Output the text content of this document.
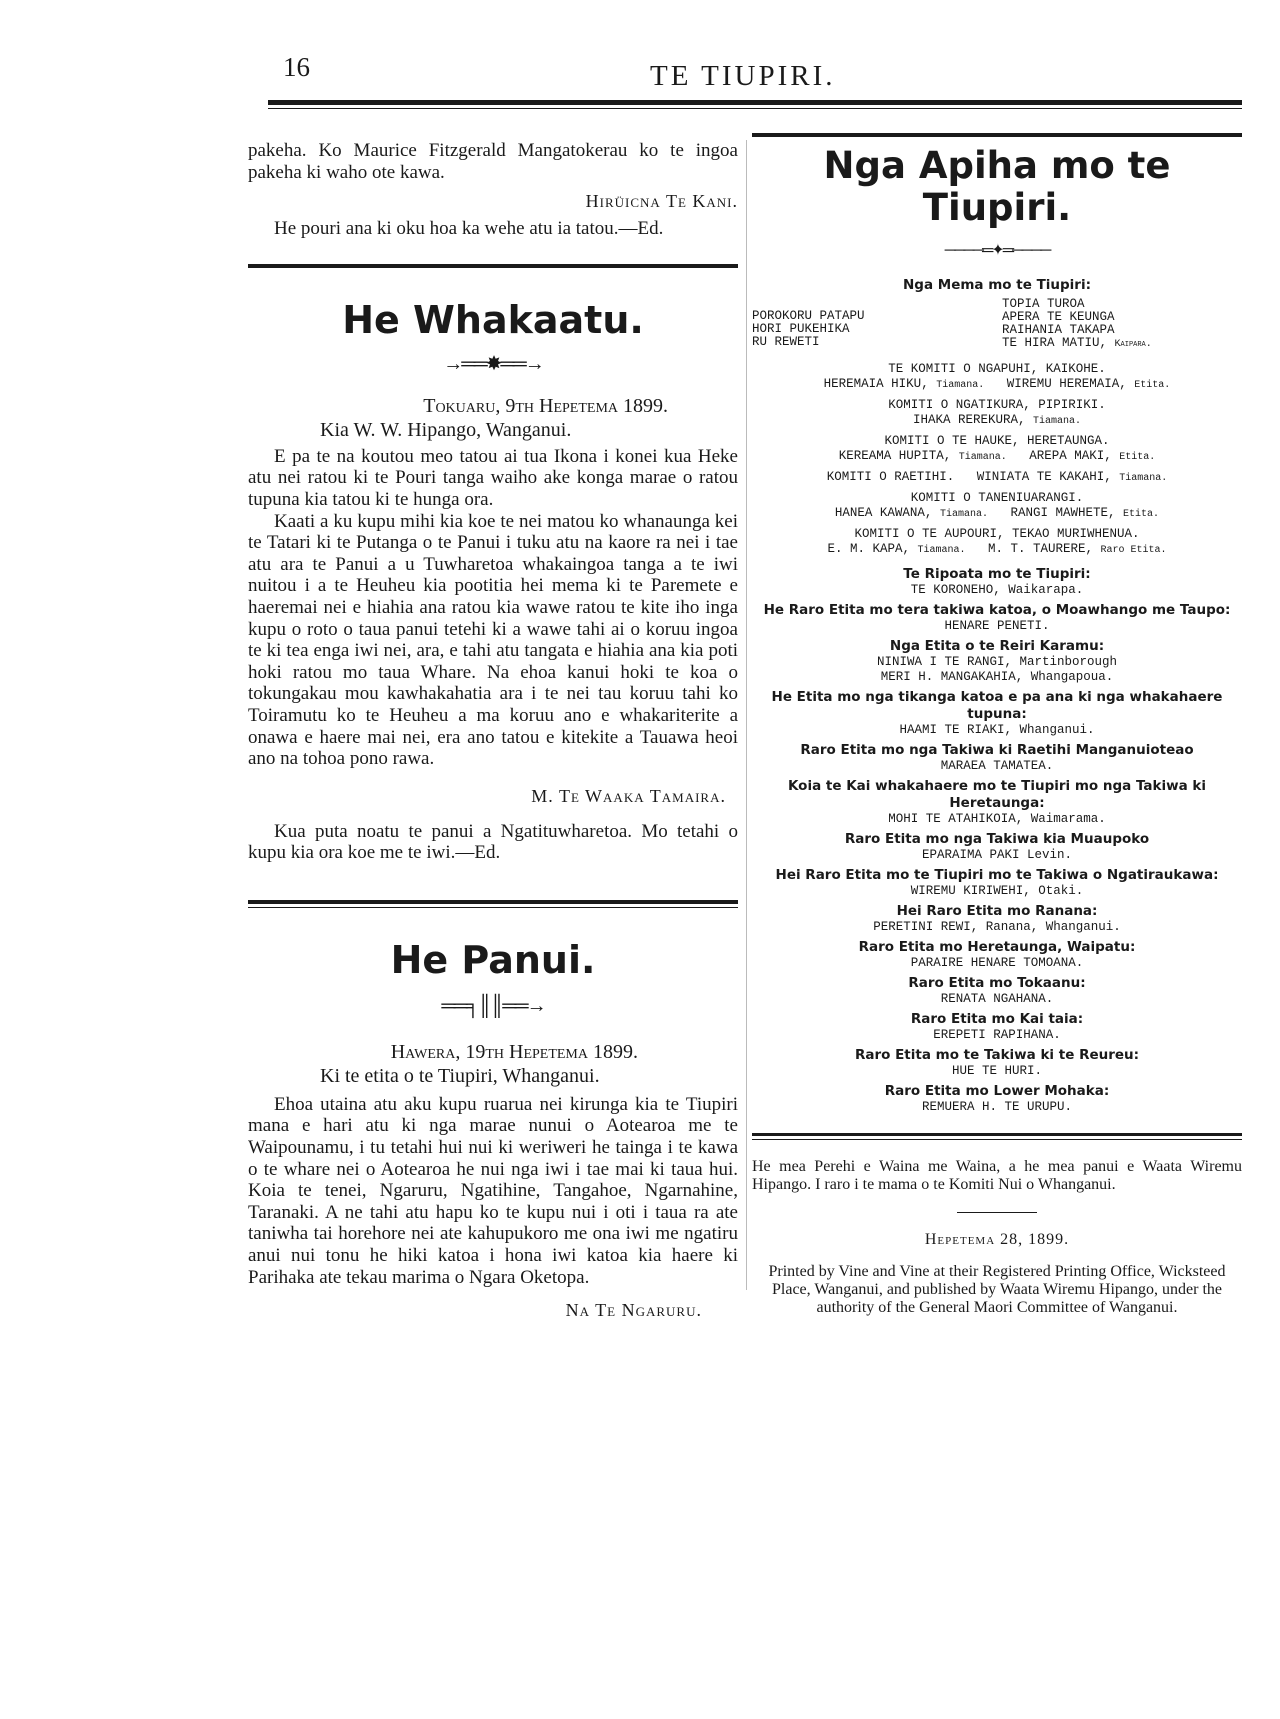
16	TE TIUPIRI.

pakeha. Ko Maurice Fitzgerald Mangatokerau ko te ingoa pakeha ki waho ote kawa.

Hirüicna Te Kani.

He pouri ana ki oku hoa ka wehe atu ia tatou.—Ed.

He Whakaatu.
→══✸══→

Tokuaru, 9th Hepetema 1899.

Kia W. W. Hipango, Wanganui.

E pa te na koutou meo tatou ai tua Ikona i konei kua Heke atu nei ratou ki te Pouri tanga waiho ake konga marae o ratou tupuna kia tatou ki te hunga ora.

Kaati a ku kupu mihi kia koe te nei matou ko whanaunga kei te Tatari ki te Putanga o te Panui i tuku atu na kaore ra nei i tae atu ara te Panui a u Tuwharetoa whakaingoa tanga a te iwi nuitou i a te Heuheu kia pootitia hei mema ki te Paremete e haeremai nei e hiahia ana ratou kia wawe ratou te kite iho inga kupu o roto o taua panui tetehi ki a wawe tahi ai o koruu ingoa te ki tea enga iwi nei, ara, e tahi atu tangata e hiahia ana kia poti hoki ratou mo taua Whare. Na ehoa kanui hoki te koa o tokungakau mou kawhakahatia ara i te nei tau koruu tahi ko Toiramutu ko te Heuheu a ma koruu ano e whakariterite a onawa e haere mai nei, era ano tatou e kitekite a Tauawa heoi ano na tohoa pono rawa.

M. Te Waaka Tamaira.

Kua puta noatu te panui a Ngatituwharetoa. Mo tetahi o kupu kia ora koe me te iwi.—Ed.

He Panui.
══╕║║══→

Hawera, 19th Hepetema 1899.

Ki te etita o te Tiupiri, Whanganui.

Ehoa utaina atu aku kupu ruarua nei kirunga kia te Tiupiri mana e hari atu ki nga marae nunui o Aotearoa me te Waipounamu, i tu tetahi hui nui ki weriweri he tainga i te kawa o te whare nei o Aotearoa he nui nga iwi i tae mai ki taua hui. Koia te tenei, Ngaruru, Ngatihine, Tangahoe, Ngarnahine, Taranaki. A ne tahi atu hapu ko te kupu nui i oti i taua ra ate taniwha tai horehore nei ate kahupukoro me ona iwi me ngatiru anui nui tonu he hiki katoa i hona iwi katoa kia haere ki Parihaka ate tekau marima o Ngara Oketopa.

Na Te Ngaruru.

Nga Apiha mo te Tiupiri.
────═✦═────
Nga Mema mo te Tiupiri:
POROKORU PATAPU
HORI PUKEHIKA
RU REWETI
TOPIA TUROA
APERA TE KEUNGA
RAIHANIA TAKAPA
TE HIRA MATIU, Kaipara.
TE KOMITI O NGAPUHI, KAIKOHE.
HEREMAIA HIKU, Tiamana. WIREMU HEREMAIA, Etita.
KOMITI O NGATIKURA, PIPIRIKI.
IHAKA REREKURA, Tiamana.
KOMITI O TE HAUKE, HERETAUNGA.
KEREAMA HUPITA, Tiamana. AREPA MAKI, Etita.
KOMITI O RAETIHI. WINIATA TE KAKAHI, Tiamana.
KOMITI O TANENIUARANGI.
HANEA KAWANA, Tiamana. RANGI MAWHETE, Etita.
KOMITI O TE AUPOURI, TEKAO MURIWHENUA.
E. M. KAPA, Tiamana. M. T. TAURERE, Raro Etita.
Te Ripoata mo te Tiupiri:
TE KORONEHO, Waikarapa.
He Raro Etita mo tera takiwa katoa, o Moawhango me Taupo:
HENARE PENETI.
Nga Etita o te Reiri Karamu:
NINIWA I TE RANGI, Martinborough
MERI H. MANGAKAHIA, Whangapoua.
He Etita mo nga tikanga katoa e pa ana ki nga whakahaere tupuna:
HAAMI TE RIAKI, Whanganui.
Raro Etita mo nga Takiwa ki Raetihi Manganuioteao
MARAEA TAMATEA.
Koia te Kai whakahaere mo te Tiupiri mo nga Takiwa ki Heretaunga:
MOHI TE ATAHIKOIA, Waimarama.
Raro Etita mo nga Takiwa kia Muaupoko
EPARAIMA PAKI Levin.
Hei Raro Etita mo te Tiupiri mo te Takiwa o Ngatiraukawa:
WIREMU KIRIWEHI, Otaki.
Hei Raro Etita mo Ranana:
PERETINI REWI, Ranana, Whanganui.
Raro Etita mo Heretaunga, Waipatu:
PARAIRE HENARE TOMOANA.
Raro Etita mo Tokaanu:
RENATA NGAHANA.
Raro Etita mo Kai taia:
EREPETI RAPIHANA.
Raro Etita mo te Takiwa ki te Reureu:
HUE TE HURI.
Raro Etita mo Lower Mohaka:
REMUERA H. TE URUPU.

He mea Perehi e Waina me Waina, a he mea panui e Waata Wiremu Hipango. I raro i te mama o te Komiti Nui o Whanganui.

Hepetema 28, 1899.

Printed by Vine and Vine at their Registered Printing Office, Wicksteed Place, Wanganui, and published by Waata Wiremu Hipango, under the authority of the General Maori Committee of Wanganui.
